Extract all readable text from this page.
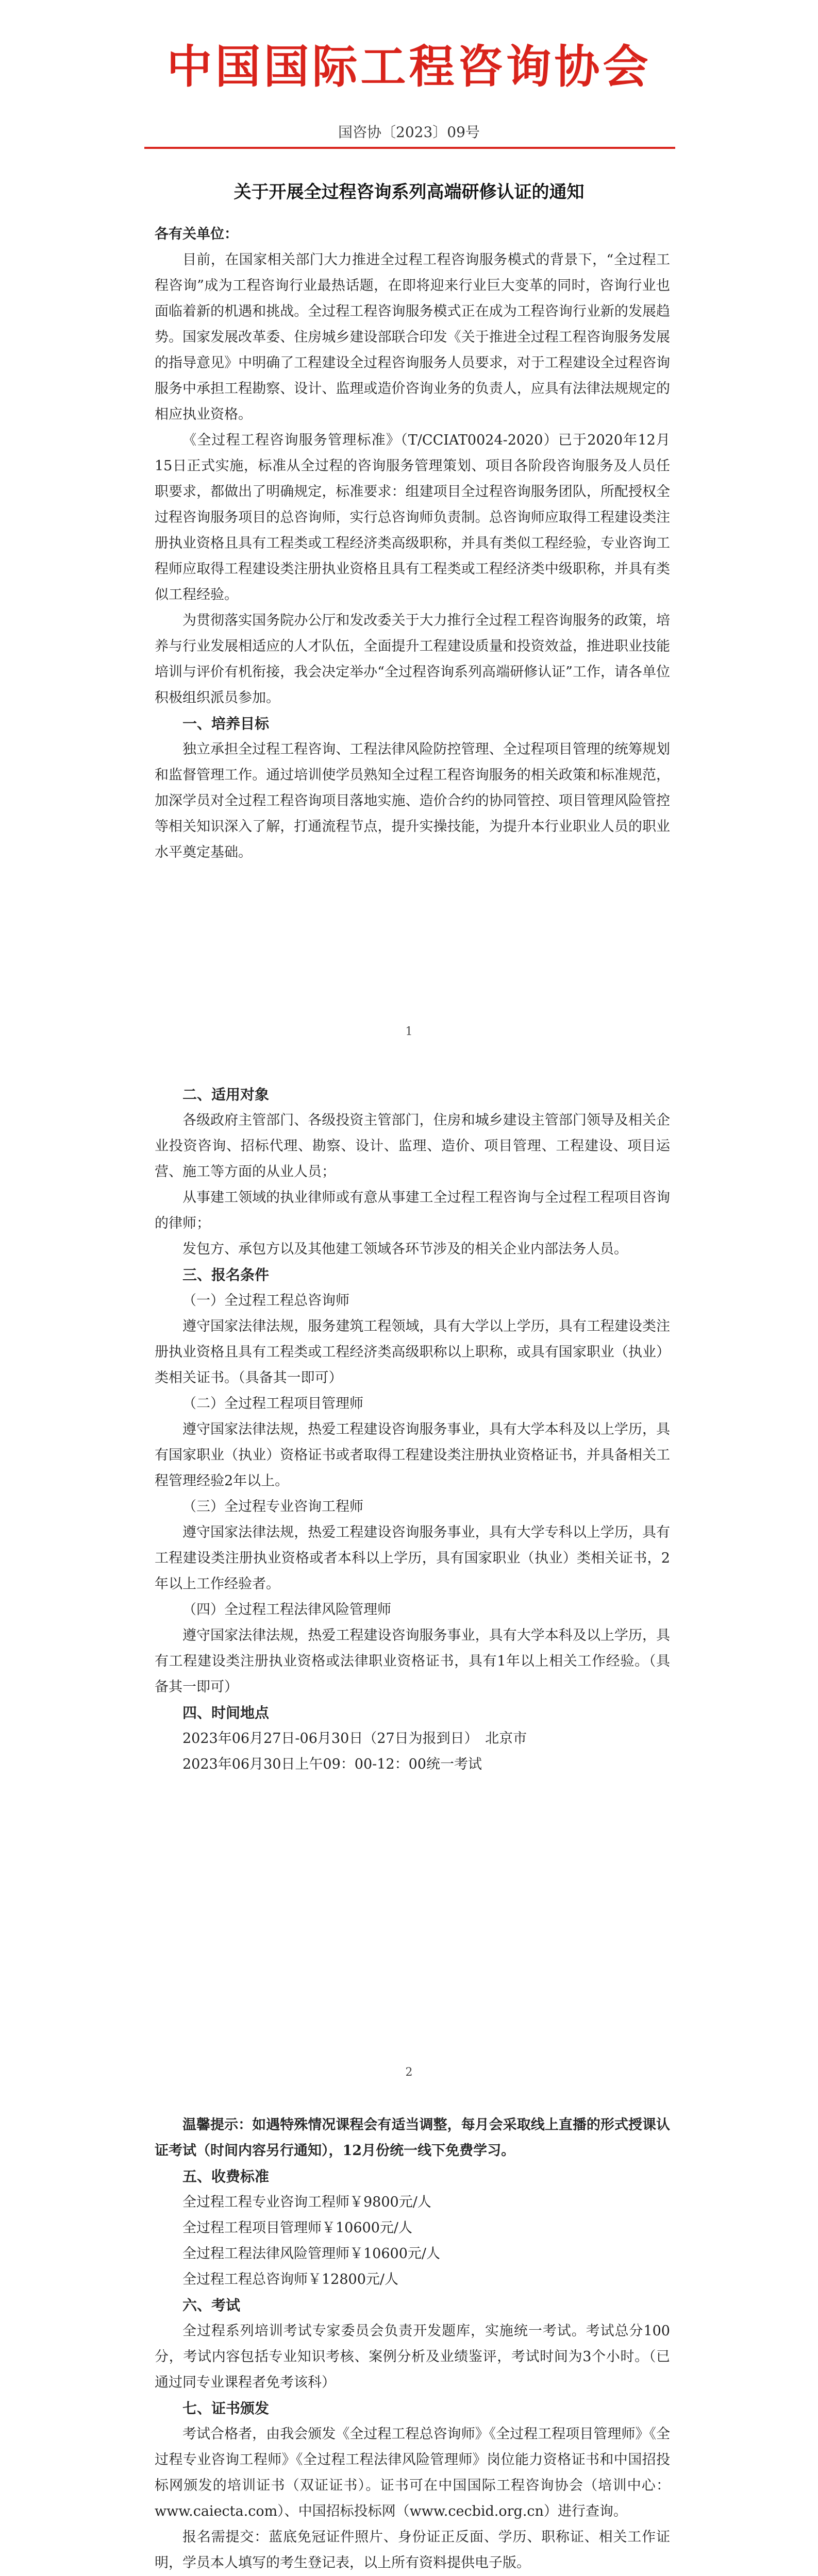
中国国际工程咨询协会
国咨协〔2023〕09号
关于开展全过程咨询系列高端研修认证的通知

各有关单位：

目前，在国家相关部门大力推进全过程工程咨询服务模式的背景下，“全过程工程咨询”成为工程咨询行业最热话题，在即将迎来行业巨大变革的同时，咨询行业也面临着新的机遇和挑战。全过程工程咨询服务模式正在成为工程咨询行业新的发展趋势。国家发展改革委、住房城乡建设部联合印发《关于推进全过程工程咨询服务发展的指导意见》中明确了工程建设全过程咨询服务人员要求，对于工程建设全过程咨询服务中承担工程勘察、设计、监理或造价咨询业务的负责人，应具有法律法规规定的相应执业资格。

《全过程工程咨询服务管理标准》（T/CCIAT0024-2020）已于2020年12月15日正式实施，标准从全过程的咨询服务管理策划、项目各阶段咨询服务及人员任职要求，都做出了明确规定，标准要求：组建项目全过程咨询服务团队，所配授权全过程咨询服务项目的总咨询师，实行总咨询师负责制。总咨询师应取得工程建设类注册执业资格且具有工程类或工程经济类高级职称，并具有类似工程经验，专业咨询工程师应取得工程建设类注册执业资格且具有工程类或工程经济类中级职称，并具有类似工程经验。

为贯彻落实国务院办公厅和发改委关于大力推行全过程工程咨询服务的政策，培养与行业发展相适应的人才队伍，全面提升工程建设质量和投资效益，推进职业技能培训与评价有机衔接，我会决定举办“全过程咨询系列高端研修认证”工作，请各单位积极组织派员参加。

一、培养目标

独立承担全过程工程咨询、工程法律风险防控管理、全过程项目管理的统筹规划和监督管理工作。通过培训使学员熟知全过程工程咨询服务的相关政策和标准规范，加深学员对全过程工程咨询项目落地实施、造价合约的协同管控、项目管理风险管控等相关知识深入了解，打通流程节点，提升实操技能，为提升本行业职业人员的职业水平奠定基础。

1

二、适用对象

各级政府主管部门、各级投资主管部门，住房和城乡建设主管部门领导及相关企业投资咨询、招标代理、勘察、设计、监理、造价、项目管理、工程建设、项目运营、施工等方面的从业人员；

从事建工领域的执业律师或有意从事建工全过程工程咨询与全过程工程项目咨询的律师；

发包方、承包方以及其他建工领域各环节涉及的相关企业内部法务人员。

三、报名条件

（一）全过程工程总咨询师

遵守国家法律法规，服务建筑工程领域，具有大学以上学历，具有工程建设类注册执业资格且具有工程类或工程经济类高级职称以上职称，或具有国家职业（执业）类相关证书。（具备其一即可）

（二）全过程工程项目管理师

遵守国家法律法规，热爱工程建设咨询服务事业，具有大学本科及以上学历，具有国家职业（执业）资格证书或者取得工程建设类注册执业资格证书，并具备相关工程管理经验2年以上。

（三）全过程专业咨询工程师

遵守国家法律法规，热爱工程建设咨询服务事业，具有大学专科以上学历，具有工程建设类注册执业资格或者本科以上学历，具有国家职业（执业）类相关证书，2年以上工作经验者。

（四）全过程工程法律风险管理师

遵守国家法律法规，热爱工程建设咨询服务事业，具有大学本科及以上学历，具有工程建设类注册执业资格或法律职业资格证书，具有1年以上相关工作经验。（具备其一即可）

四、时间地点

2023年06月27日-06月30日（27日为报到日）　北京市

2023年06月30日上午09：00-12：00统一考试

2

温馨提示：如遇特殊情况课程会有适当调整，每月会采取线上直播的形式授课认证考试（时间内容另行通知），12月份统一线下免费学习。

五、收费标准

全过程工程专业咨询工程师￥9800元/人

全过程工程项目管理师￥10600元/人

全过程工程法律风险管理师￥10600元/人

全过程工程总咨询师￥12800元/人

六、考试

全过程系列培训考试专家委员会负责开发题库，实施统一考试。考试总分100分，考试内容包括专业知识考核、案例分析及业绩鉴评，考试时间为3个小时。（已通过同专业课程者免考该科）

七、证书颁发

考试合格者，由我会颁发《全过程工程总咨询师》《全过程工程项目管理师》《全过程专业咨询工程师》《全过程工程法律风险管理师》岗位能力资格证书和中国招投标网颁发的培训证书（双证证书）。证书可在中国国际工程咨询协会（培训中心：www.caiecta.com）、中国招标投标网（www.cecbid.org.cn）进行查询。

报名需提交：蓝底免冠证件照片、身份证正反面、学历、职称证、相关工作证明，学员本人填写的考生登记表，以上所有资料提供电子版。
